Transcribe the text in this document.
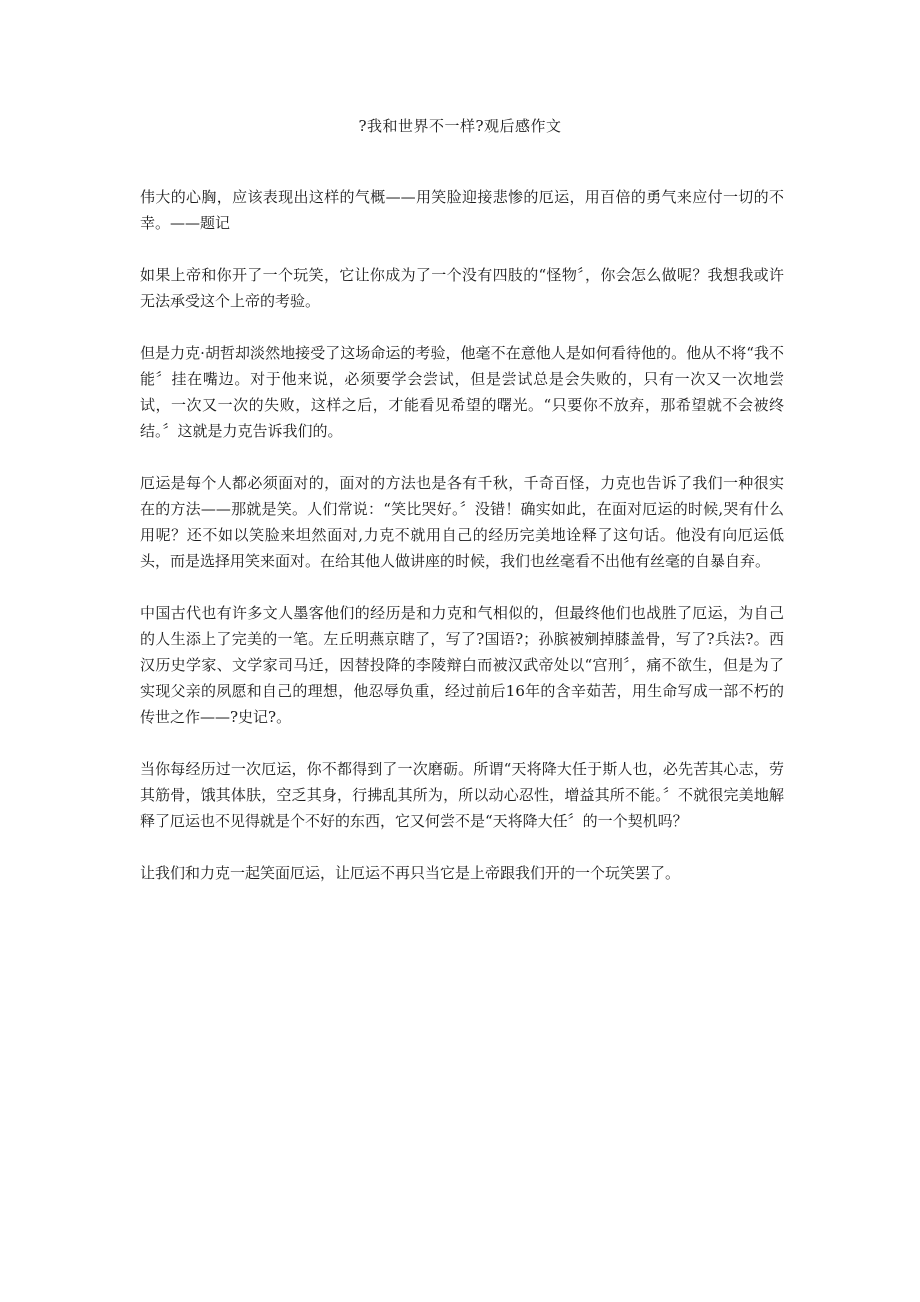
?我和世界不一样?观后感作文

伟大的心胸，应该表现出这样的气概——用笑脸迎接悲惨的厄运，用百倍的勇气来应付一切的不幸。——题记

如果上帝和你开了一个玩笑，它让你成为了一个没有四肢的“怪物〞，你会怎么做呢？我想我或许无法承受这个上帝的考验。

但是力克·胡哲却淡然地接受了这场命运的考验，他毫不在意他人是如何看待他的。他从不将“我不能〞挂在嘴边。对于他来说，必须要学会尝试，但是尝试总是会失败的，只有一次又一次地尝试，一次又一次的失败，这样之后，才能看见希望的曙光。“只要你不放弃，那希望就不会被终结。〞这就是力克告诉我们的。

厄运是每个人都必须面对的，面对的方法也是各有千秋，千奇百怪，力克也告诉了我们一种很实在的方法——那就是笑。人们常说：“笑比哭好。〞没错！确实如此，在面对厄运的时候,哭有什么用呢？还不如以笑脸来坦然面对,力克不就用自己的经历完美地诠释了这句话。他没有向厄运低头，而是选择用笑来面对。在给其他人做讲座的时候，我们也丝毫看不出他有丝毫的自暴自弃。

中国古代也有许多文人墨客他们的经历是和力克和气相似的，但最终他们也战胜了厄运，为自己的人生添上了完美的一笔。左丘明燕京瞎了，写了?国语?；孙膑被剜掉膝盖骨，写了?兵法?。西汉历史学家、文学家司马迁，因替投降的李陵辩白而被汉武帝处以“宫刑〞，痛不欲生，但是为了实现父亲的夙愿和自己的理想，他忍辱负重，经过前后16年的含辛茹苦，用生命写成一部不朽的传世之作——?史记?。

当你每经历过一次厄运，你不都得到了一次磨砺。所谓“天将降大任于斯人也，必先苦其心志，劳其筋骨，饿其体肤，空乏其身，行拂乱其所为，所以动心忍性，增益其所不能。〞不就很完美地解释了厄运也不见得就是个不好的东西，它又何尝不是“天将降大任〞的一个契机吗？

让我们和力克一起笑面厄运，让厄运不再只当它是上帝跟我们开的一个玩笑罢了。
